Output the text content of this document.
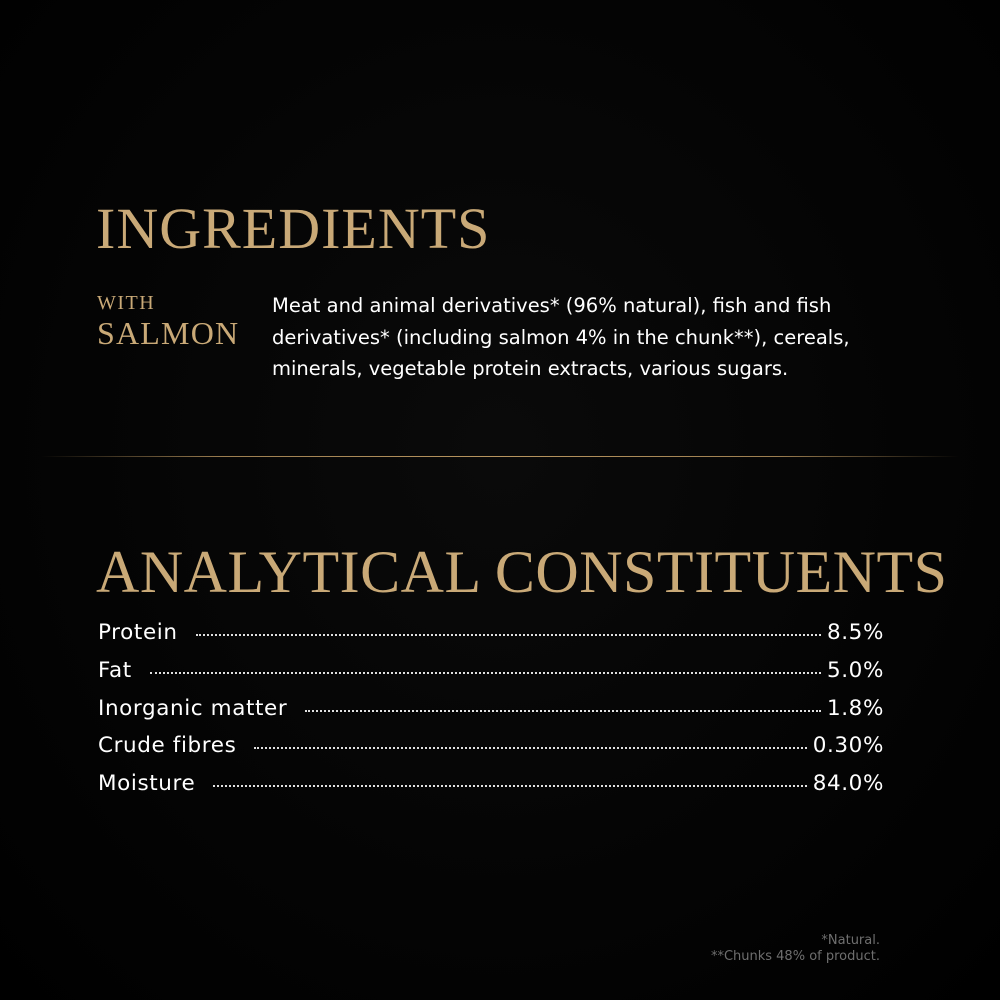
INGREDIENTS
WITH
SALMON

Meat and animal derivatives* (96% natural), fish and fish derivatives* (including salmon 4% in the chunk**), cereals, minerals, vegetable protein extracts, various sugars.

ANALYTICAL CONSTITUENTS
Protein	8.5%
Fat	5.0%
Inorganic matter	1.8%
Crude fibres	0.30%
Moisture	84.0%
*Natural.
**Chunks 48% of product.
